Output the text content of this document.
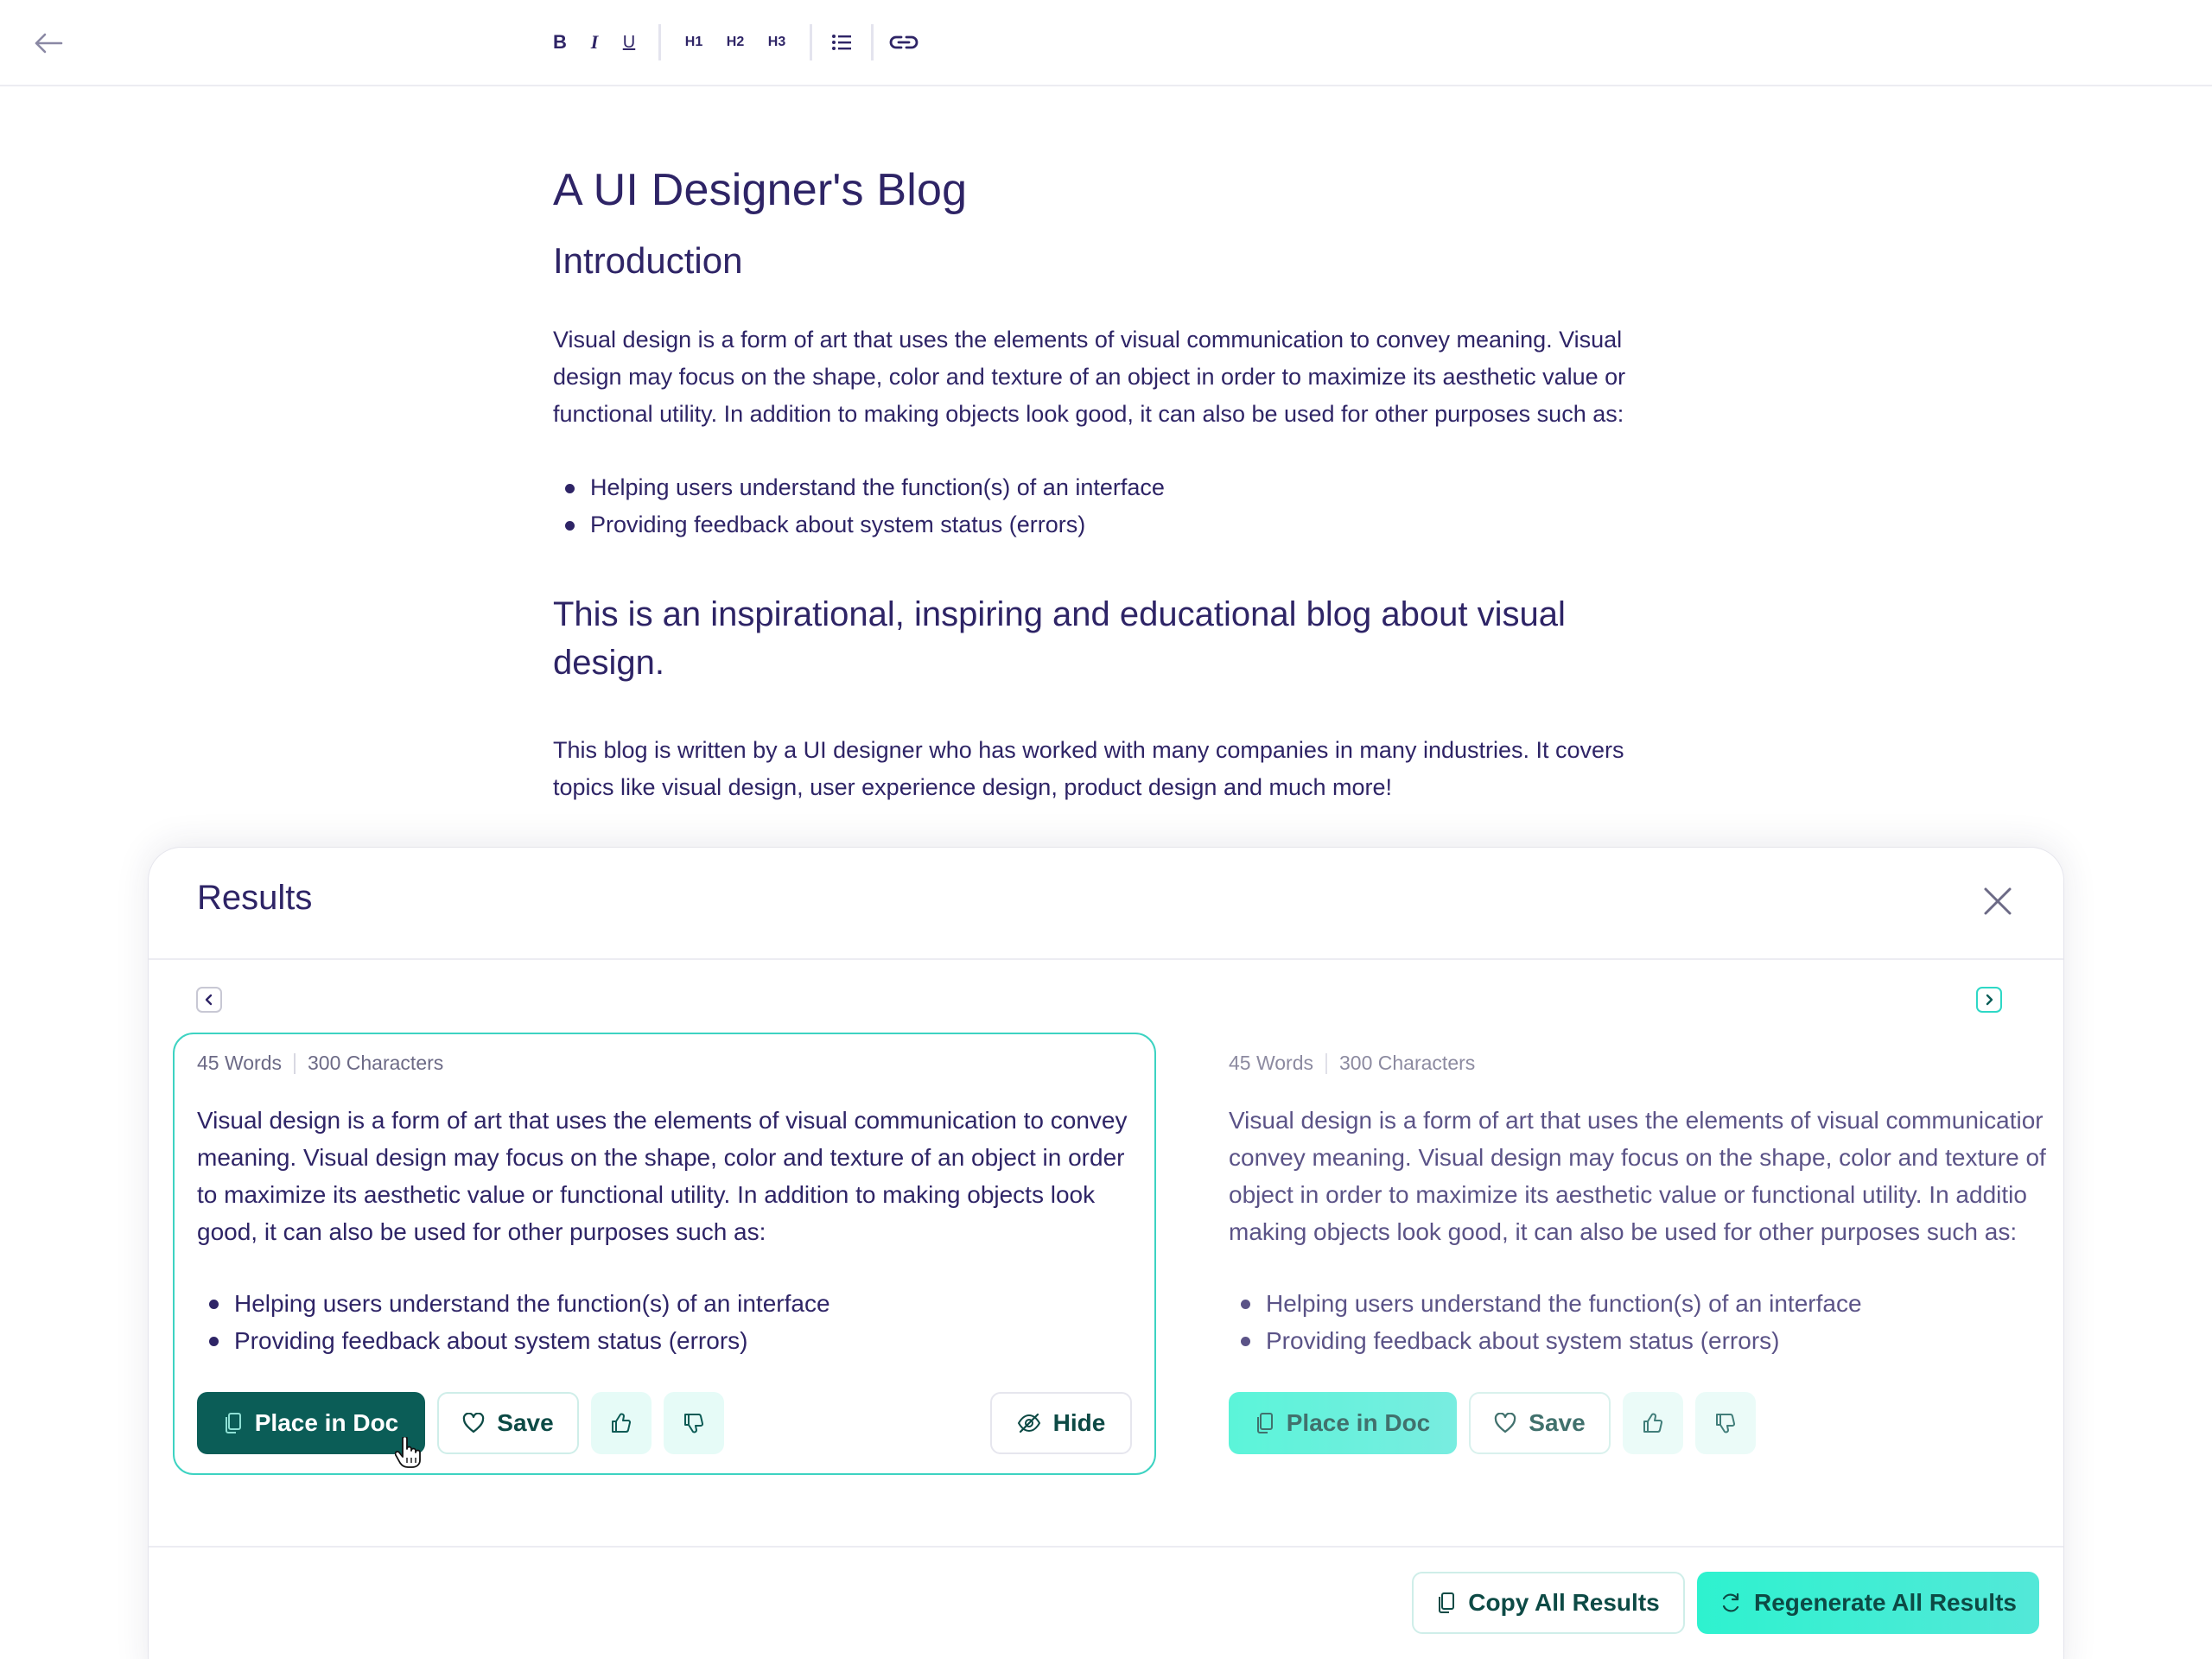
B	I	U	H1	H2	H3
A UI Designer's Blog
Introduction

Visual design is a form of art that uses the elements of visual communication to convey meaning. Visual design may focus on the shape, color and texture of an object in order to maximize its aesthetic value or functional utility. In addition to making objects look good, it can also be used for other purposes such as:

Helping users understand the function(s) of an interface
Providing feedback about system status (errors)
This is an inspirational, inspiring and educational blog about visual design.

This blog is written by a UI designer who has worked with many companies in many industries. It covers topics like visual design, user experience design, product design and much more!

Results
45 Words 300 Characters

Visual design is a form of art that uses the elements of visual communication to convey meaning. Visual design may focus on the shape, color and texture of an object in order to maximize its aesthetic value or functional utility. In addition to making objects look good, it can also be used for other purposes such as:

Helping users understand the function(s) of an interface
Providing feedback about system status (errors)
Place in Doc	Save	Hide
45 Words 300 Characters
Visual design is a form of art that uses the elements of visual communicatior
convey meaning. Visual design may focus on the shape, color and texture of
object in order to maximize its aesthetic value or functional utility. In additio
making objects look good, it can also be used for other purposes such as:
Helping users understand the function(s) of an interface
Providing feedback about system status (errors)
Place in Doc	Save
Copy All Results	Regenerate All Results
